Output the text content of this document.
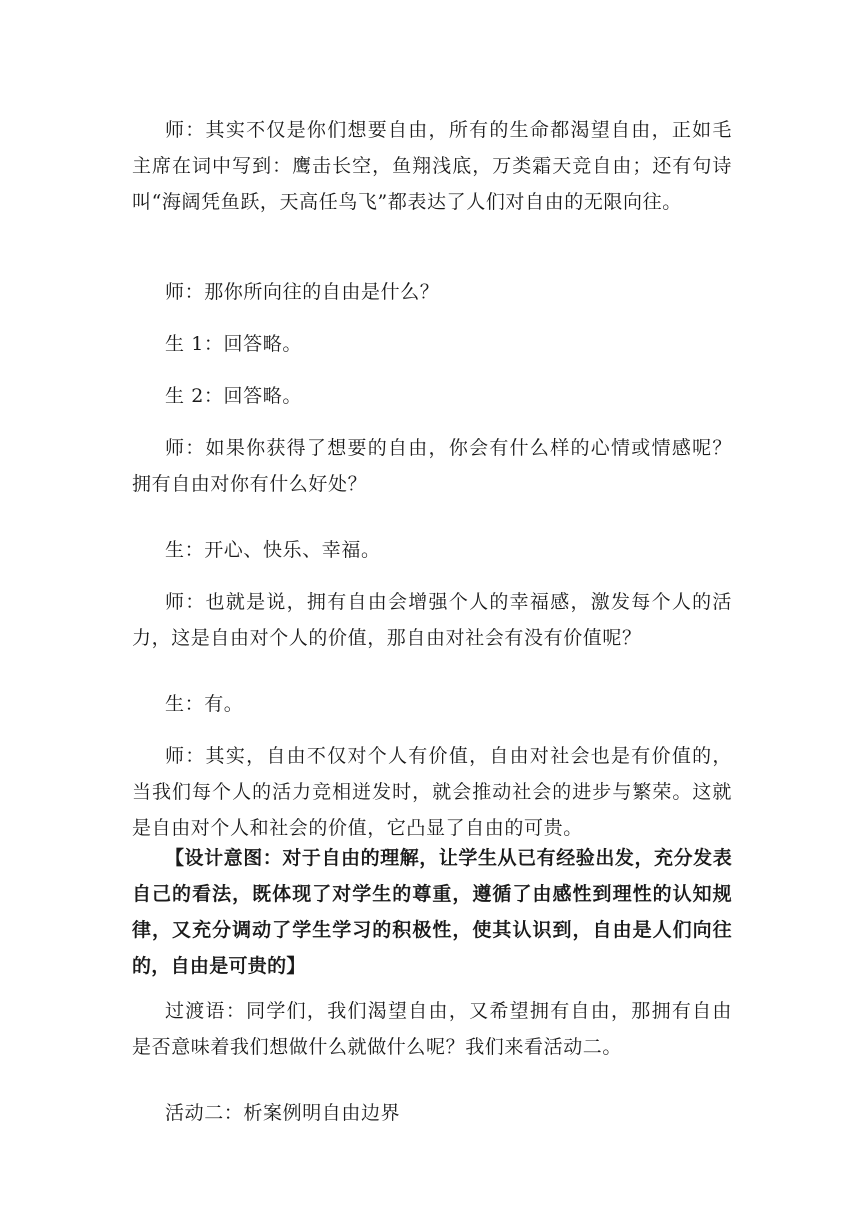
师：其实不仅是你们想要自由，所有的生命都渴望自由，正如毛主席在词中写到：鹰击长空，鱼翔浅底，万类霜天竞自由；还有句诗叫“海阔凭鱼跃，天高任鸟飞”都表达了人们对自由的无限向往。

师：那你所向往的自由是什么？

生 1：回答略。

生 2：回答略。

师：如果你获得了想要的自由，你会有什么样的心情或情感呢？拥有自由对你有什么好处？

生：开心、快乐、幸福。

师：也就是说，拥有自由会增强个人的幸福感，激发每个人的活力，这是自由对个人的价值，那自由对社会有没有价值呢？

生：有。

师：其实，自由不仅对个人有价值，自由对社会也是有价值的，当我们每个人的活力竞相迸发时，就会推动社会的进步与繁荣。这就是自由对个人和社会的价值，它凸显了自由的可贵。

【设计意图：对于自由的理解，让学生从已有经验出发，充分发表自己的看法，既体现了对学生的尊重，遵循了由感性到理性的认知规律，又充分调动了学生学习的积极性，使其认识到，自由是人们向往的，自由是可贵的】

过渡语：同学们，我们渴望自由，又希望拥有自由，那拥有自由是否意味着我们想做什么就做什么呢？我们来看活动二。

活动二：析案例明自由边界
